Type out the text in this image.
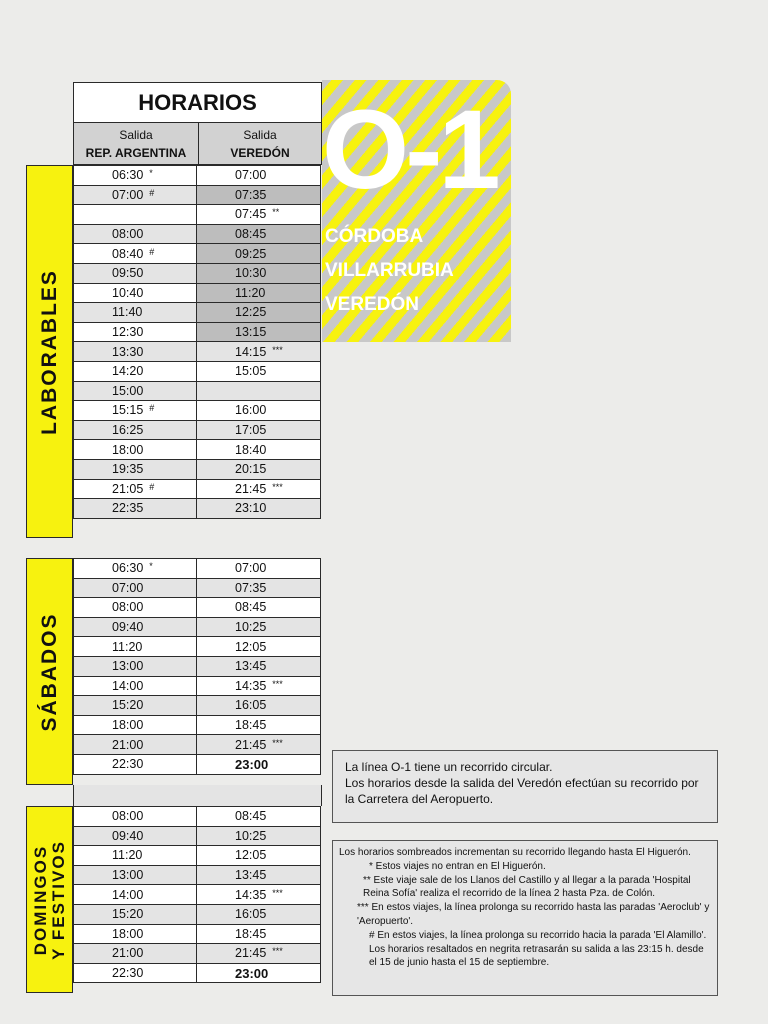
HORARIOS
Salida
REP. ARGENTINA
Salida
VEREDÓN O-1
CÓRDOBA
VILLARRUBIA
VEREDÓN
LABORABLES
SÁBADOS
DOMINGOS
Y FESTIVOS
06:30 *	07:00
07:00 #	07:35
	07:45 **
08:00	08:45
08:40 #	09:25
09:50	10:30
10:40	11:20
11:40	12:25
12:30	13:15
13:30	14:15 ***
14:20	15:05
15:00	
15:15 #	16:00
16:25	17:05
18:00	18:40
19:35	20:15
21:05 #	21:45 ***
22:35	23:10
06:30 *	07:00
07:00	07:35
08:00	08:45
09:40	10:25
11:20	12:05
13:00	13:45
14:00	14:35 ***
15:20	16:05
18:00	18:45
21:00	21:45 ***
22:30	23:00
08:00	08:45
09:40	10:25
11:20	12:05
13:00	13:45
14:00	14:35 ***
15:20	16:05
18:00	18:45
21:00	21:45 ***
22:30	23:00
La línea O-1 tiene un recorrido circular.
Los horarios desde la salida del Veredón efectúan su recorrido por la Carretera del Aeropuerto.
Los horarios sombreados incrementan su recorrido llegando hasta El Higuerón.
* Estos viajes no entran en El Higuerón.
** Este viaje sale de los Llanos del Castillo y al llegar a la parada 'Hospital Reina Sofía' realiza el recorrido de la línea 2 hasta Pza. de Colón.
*** En estos viajes, la línea prolonga su recorrido hasta las paradas 'Aeroclub' y 'Aeropuerto'.
# En estos viajes, la línea prolonga su recorrido hacia la parada 'El Alamillo'.
Los horarios resaltados en negrita retrasarán su salida a las 23:15 h. desde el 15 de junio hasta el 15 de septiembre.
